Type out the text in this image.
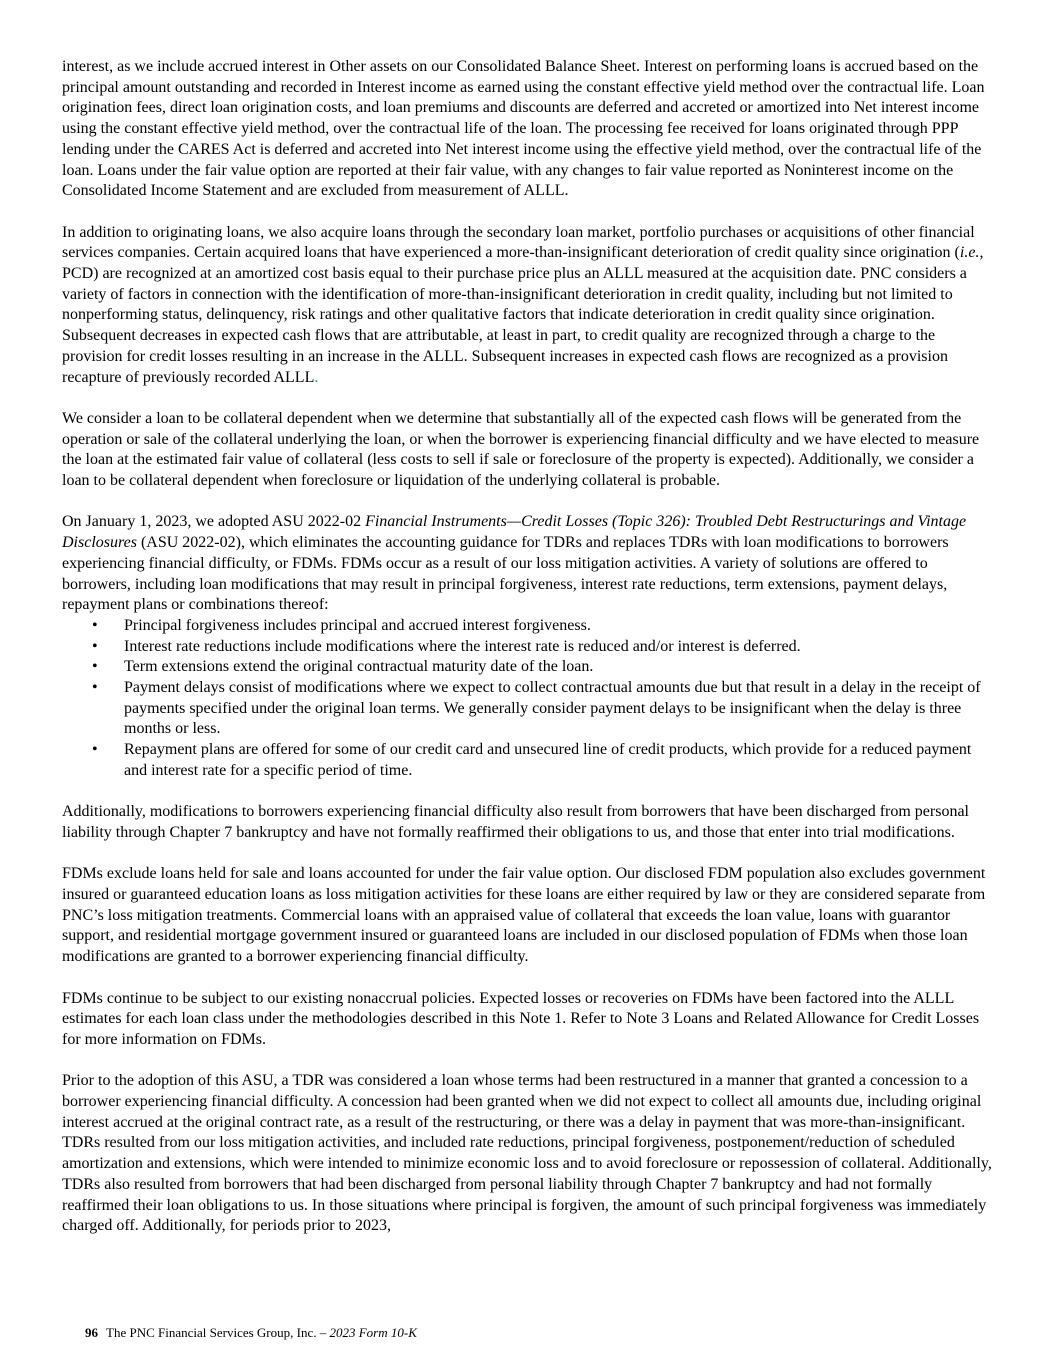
interest, as we include accrued interest in Other assets on our Consolidated Balance Sheet. Interest on performing loans is accrued based on the principal amount outstanding and recorded in Interest income as earned using the constant effective yield method over the contractual life. Loan origination fees, direct loan origination costs, and loan premiums and discounts are deferred and accreted or amortized into Net interest income using the constant effective yield method, over the contractual life of the loan. The processing fee received for loans originated through PPP lending under the CARES Act is deferred and accreted into Net interest income using the effective yield method, over the contractual life of the loan. Loans under the fair value option are reported at their fair value, with any changes to fair value reported as Noninterest income on the Consolidated Income Statement and are excluded from measurement of ALLL.

In addition to originating loans, we also acquire loans through the secondary loan market, portfolio purchases or acquisitions of other financial services companies. Certain acquired loans that have experienced a more-than-insignificant deterioration of credit quality since origination (i.e., PCD) are recognized at an amortized cost basis equal to their purchase price plus an ALLL measured at the acquisition date. PNC considers a variety of factors in connection with the identification of more-than-insignificant deterioration in credit quality, including but not limited to nonperforming status, delinquency, risk ratings and other qualitative factors that indicate deterioration in credit quality since origination. Subsequent decreases in expected cash flows that are attributable, at least in part, to credit quality are recognized through a charge to the provision for credit losses resulting in an increase in the ALLL. Subsequent increases in expected cash flows are recognized as a provision recapture of previously recorded ALLL.

We consider a loan to be collateral dependent when we determine that substantially all of the expected cash flows will be generated from the operation or sale of the collateral underlying the loan, or when the borrower is experiencing financial difficulty and we have elected to measure the loan at the estimated fair value of collateral (less costs to sell if sale or foreclosure of the property is expected). Additionally, we consider a loan to be collateral dependent when foreclosure or liquidation of the underlying collateral is probable.

On January 1, 2023, we adopted ASU 2022-02 Financial Instruments—Credit Losses (Topic 326): Troubled Debt Restructurings and Vintage Disclosures (ASU 2022-02), which eliminates the accounting guidance for TDRs and replaces TDRs with loan modifications to borrowers experiencing financial difficulty, or FDMs. FDMs occur as a result of our loss mitigation activities. A variety of solutions are offered to borrowers, including loan modifications that may result in principal forgiveness, interest rate reductions, term extensions, payment delays, repayment plans or combinations thereof:

• Principal forgiveness includes principal and accrued interest forgiveness.
• Interest rate reductions include modifications where the interest rate is reduced and/or interest is deferred.
• Term extensions extend the original contractual maturity date of the loan.
• Payment delays consist of modifications where we expect to collect contractual amounts due but that result in a delay in the receipt of payments specified under the original loan terms. We generally consider payment delays to be insignificant when the delay is three months or less.
• Repayment plans are offered for some of our credit card and unsecured line of credit products, which provide for a reduced payment and interest rate for a specific period of time.

Additionally, modifications to borrowers experiencing financial difficulty also result from borrowers that have been discharged from personal liability through Chapter 7 bankruptcy and have not formally reaffirmed their obligations to us, and those that enter into trial modifications.

FDMs exclude loans held for sale and loans accounted for under the fair value option. Our disclosed FDM population also excludes government insured or guaranteed education loans as loss mitigation activities for these loans are either required by law or they are considered separate from PNC’s loss mitigation treatments. Commercial loans with an appraised value of collateral that exceeds the loan value, loans with guarantor support, and residential mortgage government insured or guaranteed loans are included in our disclosed population of FDMs when those loan modifications are granted to a borrower experiencing financial difficulty.

FDMs continue to be subject to our existing nonaccrual policies. Expected losses or recoveries on FDMs have been factored into the ALLL estimates for each loan class under the methodologies described in this Note 1. Refer to Note 3 Loans and Related Allowance for Credit Losses for more information on FDMs.

Prior to the adoption of this ASU, a TDR was considered a loan whose terms had been restructured in a manner that granted a concession to a borrower experiencing financial difficulty. A concession had been granted when we did not expect to collect all amounts due, including original interest accrued at the original contract rate, as a result of the restructuring, or there was a delay in payment that was more-than-insignificant. TDRs resulted from our loss mitigation activities, and included rate reductions, principal forgiveness, postponement/reduction of scheduled amortization and extensions, which were intended to minimize economic loss and to avoid foreclosure or repossession of collateral. Additionally, TDRs also resulted from borrowers that had been discharged from personal liability through Chapter 7 bankruptcy and had not formally reaffirmed their loan obligations to us. In those situations where principal is forgiven, the amount of such principal forgiveness was immediately charged off. Additionally, for periods prior to 2023,

96 The PNC Financial Services Group, Inc. – 2023 Form 10-K
